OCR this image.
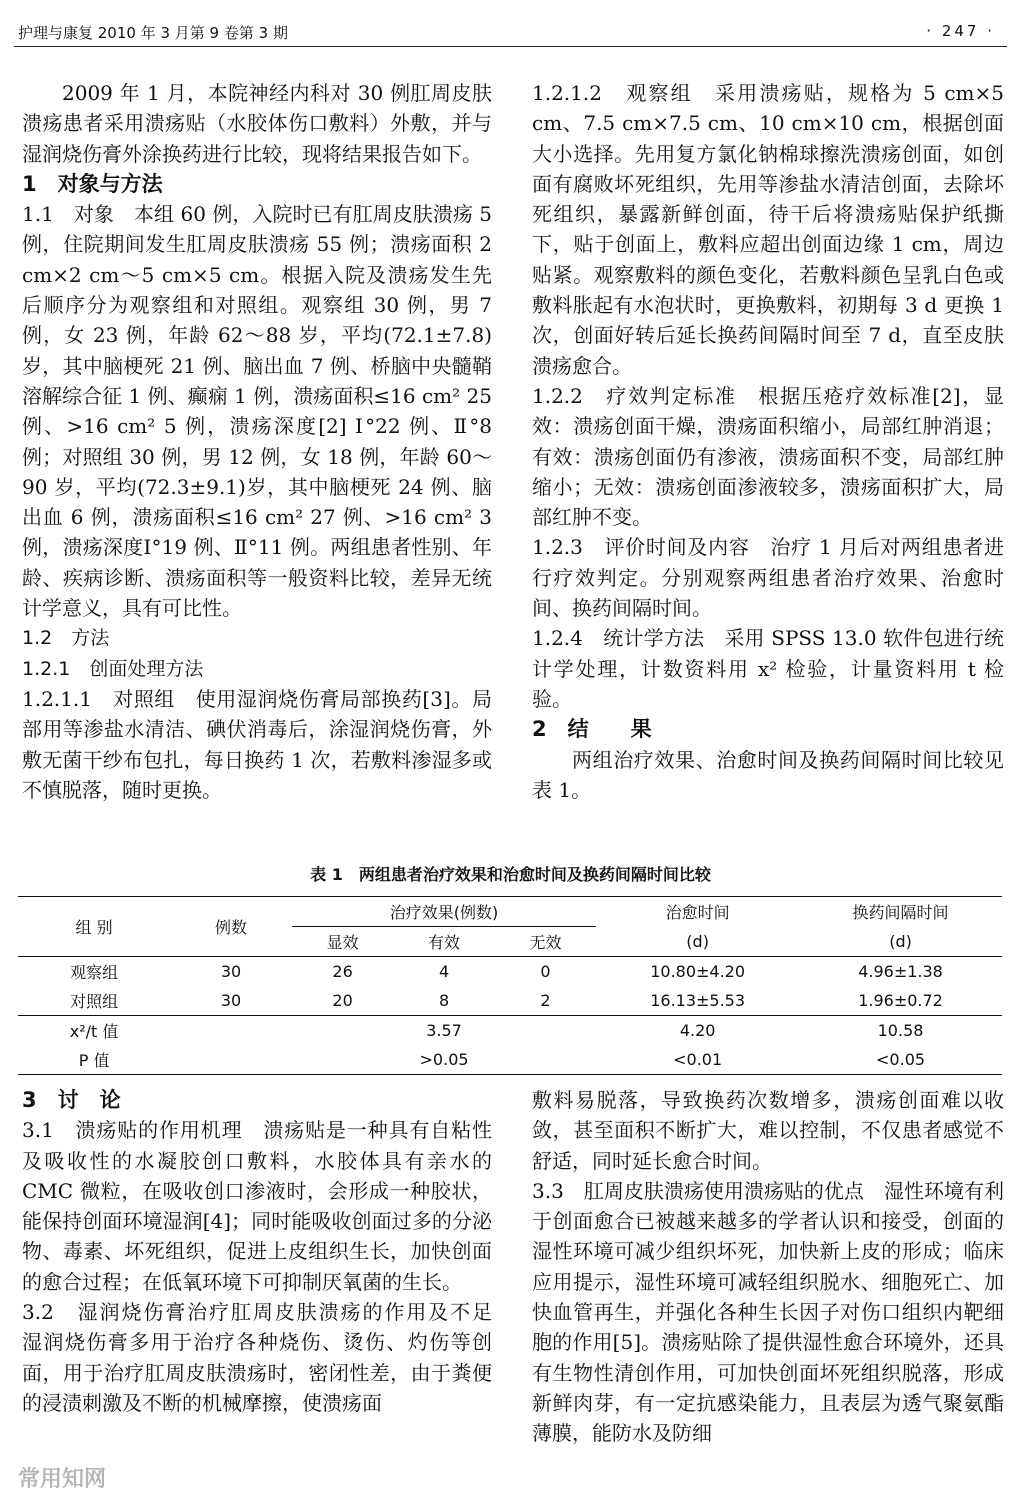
护理与康复 2010 年 3 月第 9 卷第 3 期	· 247 ·

2009 年 1 月，本院神经内科对 30 例肛周皮肤溃疡患者采用溃疡贴（水胶体伤口敷料）外敷，并与湿润烧伤膏外涂换药进行比较，现将结果报告如下。

1　对象与方法

1.1　对象　本组 60 例，入院时已有肛周皮肤溃疡 5 例，住院期间发生肛周皮肤溃疡 55 例；溃疡面积 2 cm×2 cm～5 cm×5 cm。根据入院及溃疡发生先后顺序分为观察组和对照组。观察组 30 例，男 7 例，女 23 例，年龄 62～88 岁，平均(72.1±7.8)岁，其中脑梗死 21 例、脑出血 7 例、桥脑中央髓鞘溶解综合征 1 例、癫痫 1 例，溃疡面积≤16 cm² 25 例、>16 cm² 5 例，溃疡深度[2] Ⅰ°22 例、Ⅱ°8 例；对照组 30 例，男 12 例，女 18 例，年龄 60～90 岁，平均(72.3±9.1)岁，其中脑梗死 24 例、脑出血 6 例，溃疡面积≤16 cm² 27 例、>16 cm² 3 例，溃疡深度Ⅰ°19 例、Ⅱ°11 例。两组患者性别、年龄、疾病诊断、溃疡面积等一般资料比较，差异无统计学意义，具有可比性。

1.2　方法

1.2.1　创面处理方法

1.2.1.1　对照组　使用湿润烧伤膏局部换药[3]。局部用等渗盐水清洁、碘伏消毒后，涂湿润烧伤膏，外敷无菌干纱布包扎，每日换药 1 次，若敷料渗湿多或不慎脱落，随时更换。

1.2.1.2　观察组　采用溃疡贴，规格为 5 cm×5 cm、7.5 cm×7.5 cm、10 cm×10 cm，根据创面大小选择。先用复方氯化钠棉球擦洗溃疡创面，如创面有腐败坏死组织，先用等渗盐水清洁创面，去除坏死组织，暴露新鲜创面，待干后将溃疡贴保护纸撕下，贴于创面上，敷料应超出创面边缘 1 cm，周边贴紧。观察敷料的颜色变化，若敷料颜色呈乳白色或敷料胀起有水泡状时，更换敷料，初期每 3 d 更换 1 次，创面好转后延长换药间隔时间至 7 d，直至皮肤溃疡愈合。

1.2.2　疗效判定标准　根据压疮疗效标准[2]，显效：溃疡创面干燥，溃疡面积缩小，局部红肿消退；有效：溃疡创面仍有渗液，溃疡面积不变，局部红肿缩小；无效：溃疡创面渗液较多，溃疡面积扩大，局部红肿不变。

1.2.3　评价时间及内容　治疗 1 月后对两组患者进行疗效判定。分别观察两组患者治疗效果、治愈时间、换药间隔时间。

1.2.4　统计学方法　采用 SPSS 13.0 软件包进行统计学处理，计数资料用 x² 检验，计量资料用 t 检验。

2　结　　果

两组治疗效果、治愈时间及换药间隔时间比较见表 1。

表 1　两组患者治疗效果和治愈时间及换药间隔时间比较
组 别	例数	治疗效果(例数)			治愈时间	换药间隔时间
		显效	有效	无效	(d)	(d)
观察组	30	26	4	0	10.80±4.20	4.96±1.38
对照组	30	20	8	2	16.13±5.53	1.96±0.72
x²/t 值		3.57			4.20	10.58
P 值		>0.05			<0.01	<0.05

3　讨　论

3.1　溃疡贴的作用机理　溃疡贴是一种具有自粘性及吸收性的水凝胶创口敷料，水胶体具有亲水的 CMC 微粒，在吸收创口渗液时，会形成一种胶状，能保持创面环境湿润[4]；同时能吸收创面过多的分泌物、毒素、坏死组织，促进上皮组织生长，加快创面的愈合过程；在低氧环境下可抑制厌氧菌的生长。

3.2　湿润烧伤膏治疗肛周皮肤溃疡的作用及不足　湿润烧伤膏多用于治疗各种烧伤、烫伤、灼伤等创面，用于治疗肛周皮肤溃疡时，密闭性差，由于粪便的浸渍刺激及不断的机械摩擦，使溃疡面

敷料易脱落，导致换药次数增多，溃疡创面难以收敛，甚至面积不断扩大，难以控制，不仅患者感觉不舒适，同时延长愈合时间。

3.3　肛周皮肤溃疡使用溃疡贴的优点　湿性环境有利于创面愈合已被越来越多的学者认识和接受，创面的湿性环境可减少组织坏死，加快新上皮的形成；临床应用提示，湿性环境可减轻组织脱水、细胞死亡、加快血管再生，并强化各种生长因子对伤口组织内靶细胞的作用[5]。溃疡贴除了提供湿性愈合环境外，还具有生物性清创作用，可加快创面坏死组织脱落，形成新鲜肉芽，有一定抗感染能力，且表层为透气聚氨酯薄膜，能防水及防细

常用知网
